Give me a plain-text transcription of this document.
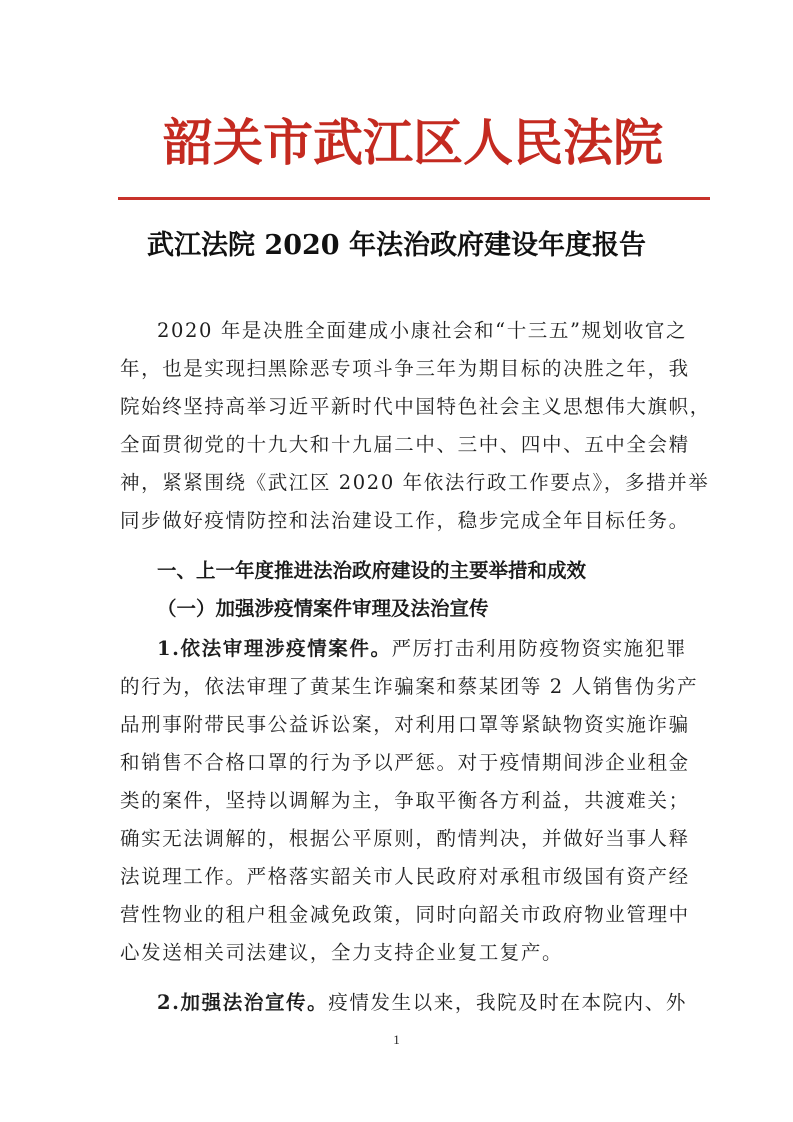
韶关市武江区人民法院
武江法院 2020 年法治政府建设年度报告
2020 年是决胜全面建成小康社会和“十三五”规划收官之
年，也是实现扫黑除恶专项斗争三年为期目标的决胜之年，我
院始终坚持高举习近平新时代中国特色社会主义思想伟大旗帜，
全面贯彻党的十九大和十九届二中、三中、四中、五中全会精
神，紧紧围绕《武江区 2020 年依法行政工作要点》，多措并举
同步做好疫情防控和法治建设工作，稳步完成全年目标任务。
一、上一年度推进法治政府建设的主要举措和成效
（一）加强涉疫情案件审理及法治宣传
1.依法审理涉疫情案件。严厉打击利用防疫物资实施犯罪
的行为，依法审理了黄某生诈骗案和蔡某团等 2 人销售伪劣产
品刑事附带民事公益诉讼案，对利用口罩等紧缺物资实施诈骗
和销售不合格口罩的行为予以严惩。对于疫情期间涉企业租金
类的案件，坚持以调解为主，争取平衡各方利益，共渡难关；
确实无法调解的，根据公平原则，酌情判决，并做好当事人释
法说理工作。严格落实韶关市人民政府对承租市级国有资产经
营性物业的租户租金减免政策，同时向韶关市政府物业管理中
心发送相关司法建议，全力支持企业复工复产。
2.加强法治宣传。疫情发生以来，我院及时在本院内、外
1
